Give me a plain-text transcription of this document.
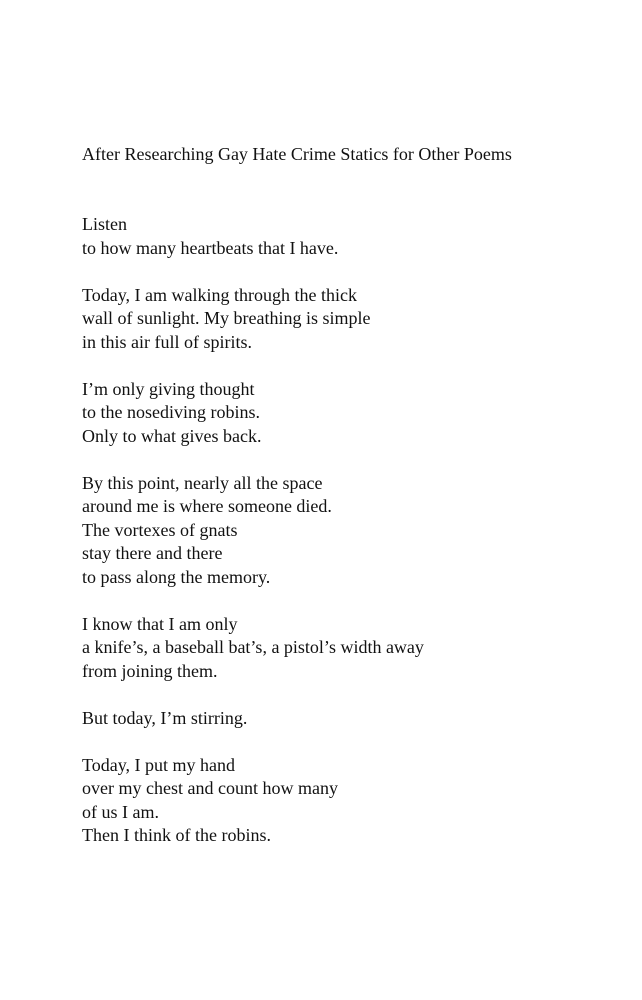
After Researching Gay Hate Crime Statics for Other Poems
Listen
to how many heartbeats that I have.
Today, I am walking through the thick
wall of sunlight. My breathing is simple
in this air full of spirits.
I’m only giving thought
to the nosediving robins.
Only to what gives back.
By this point, nearly all the space
around me is where someone died.
The vortexes of gnats
stay there and there
to pass along the memory.
I know that I am only
a knife’s, a baseball bat’s, a pistol’s width away
from joining them.
But today, I’m stirring.
Today, I put my hand
over my chest and count how many
of us I am.
Then I think of the robins.
